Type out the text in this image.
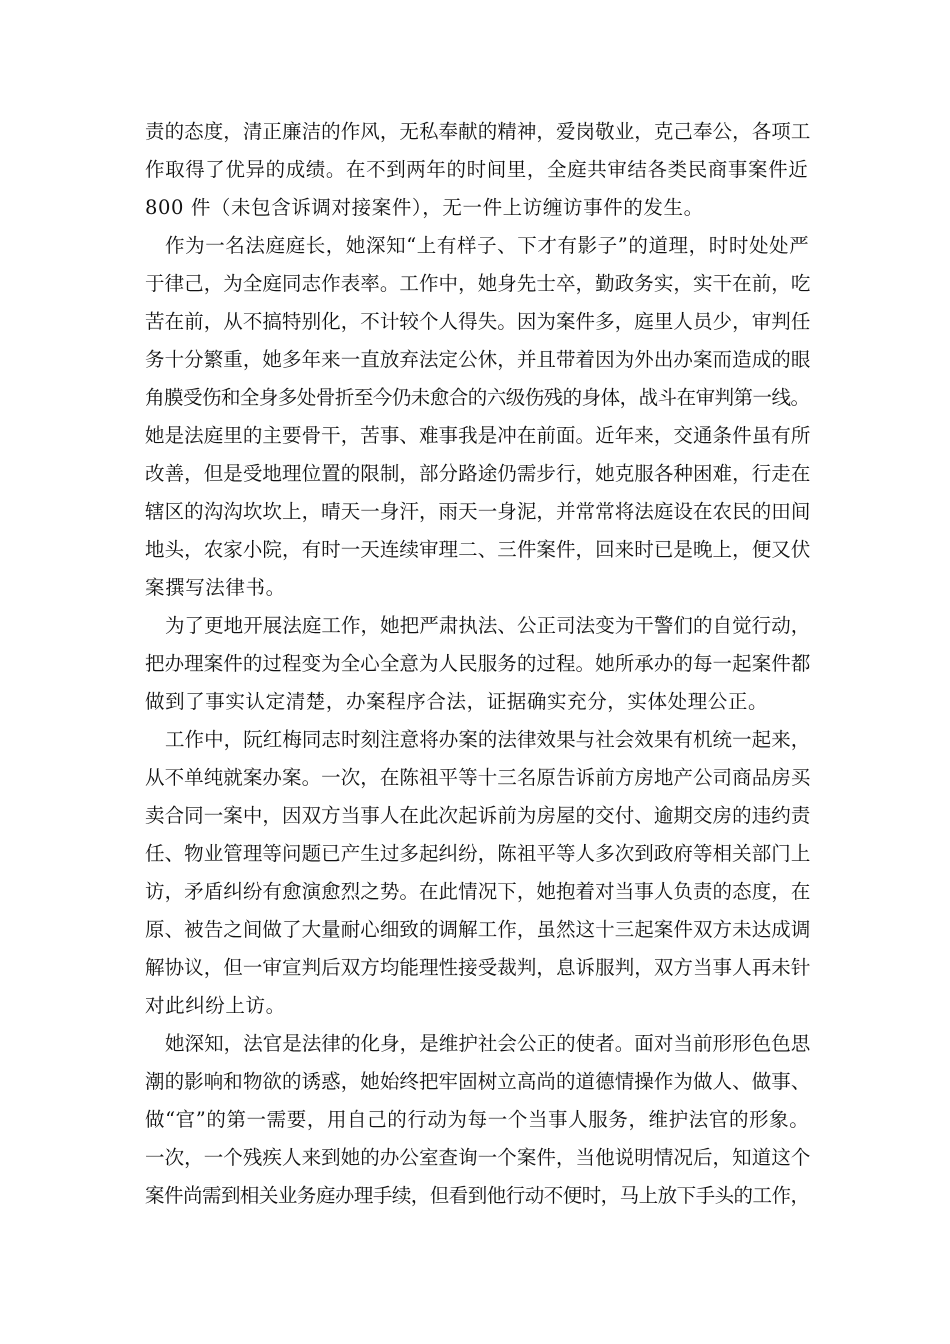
责的态度，清正廉洁的作风，无私奉献的精神，爱岗敬业，克己奉公，各项工
作取得了优异的成绩。在不到两年的时间里，全庭共审结各类民商事案件近
800 件（未包含诉调对接案件），无一件上访缠访事件的发生。
作为一名法庭庭长，她深知“上有样子、下才有影子”的道理，时时处处严
于律己，为全庭同志作表率。工作中，她身先士卒，勤政务实，实干在前，吃
苦在前，从不搞特别化，不计较个人得失。因为案件多，庭里人员少，审判任
务十分繁重，她多年来一直放弃法定公休，并且带着因为外出办案而造成的眼
角膜受伤和全身多处骨折至今仍未愈合的六级伤残的身体，战斗在审判第一线。
她是法庭里的主要骨干，苦事、难事我是冲在前面。近年来，交通条件虽有所
改善，但是受地理位置的限制，部分路途仍需步行，她克服各种困难，行走在
辖区的沟沟坎坎上，晴天一身汗，雨天一身泥，并常常将法庭设在农民的田间
地头，农家小院，有时一天连续审理二、三件案件，回来时已是晚上，便又伏
案撰写法律书。
为了更地开展法庭工作，她把严肃执法、公正司法变为干警们的自觉行动，
把办理案件的过程变为全心全意为人民服务的过程。她所承办的每一起案件都
做到了事实认定清楚，办案程序合法，证据确实充分，实体处理公正。
工作中，阮红梅同志时刻注意将办案的法律效果与社会效果有机统一起来，
从不单纯就案办案。一次，在陈祖平等十三名原告诉前方房地产公司商品房买
卖合同一案中，因双方当事人在此次起诉前为房屋的交付、逾期交房的违约责
任、物业管理等问题已产生过多起纠纷，陈祖平等人多次到政府等相关部门上
访，矛盾纠纷有愈演愈烈之势。在此情况下，她抱着对当事人负责的态度，在
原、被告之间做了大量耐心细致的调解工作，虽然这十三起案件双方未达成调
解协议，但一审宣判后双方均能理性接受裁判，息诉服判，双方当事人再未针
对此纠纷上访。
她深知，法官是法律的化身，是维护社会公正的使者。面对当前形形色色思
潮的影响和物欲的诱惑，她始终把牢固树立高尚的道德情操作为做人、做事、
做“官”的第一需要，用自己的行动为每一个当事人服务，维护法官的形象。
一次，一个残疾人来到她的办公室查询一个案件，当他说明情况后，知道这个
案件尚需到相关业务庭办理手续，但看到他行动不便时，马上放下手头的工作，
